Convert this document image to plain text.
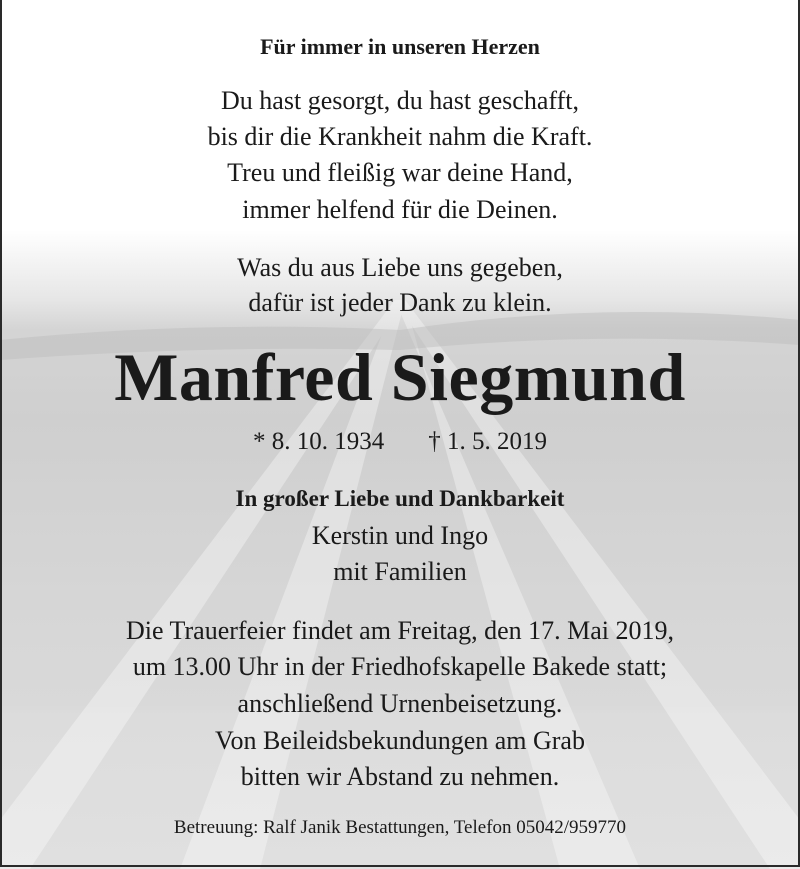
Für immer in unseren Herzen
Du hast gesorgt, du hast geschafft,
bis dir die Krankheit nahm die Kraft.
Treu und fleißig war deine Hand,
immer helfend für die Deinen.
Was du aus Liebe uns gegeben,
dafür ist jeder Dank zu klein.
Manfred Siegmund
* 8. 10. 1934 † 1. 5. 2019
In großer Liebe und Dankbarkeit
Kerstin und Ingo
mit Familien
Die Trauerfeier findet am Freitag, den 17. Mai 2019,
um 13.00 Uhr in der Friedhofskapelle Bakede statt;
anschließend Urnenbeisetzung.
Von Beileidsbekundungen am Grab
bitten wir Abstand zu nehmen.
Betreuung: Ralf Janik Bestattungen, Telefon 05042/959770
